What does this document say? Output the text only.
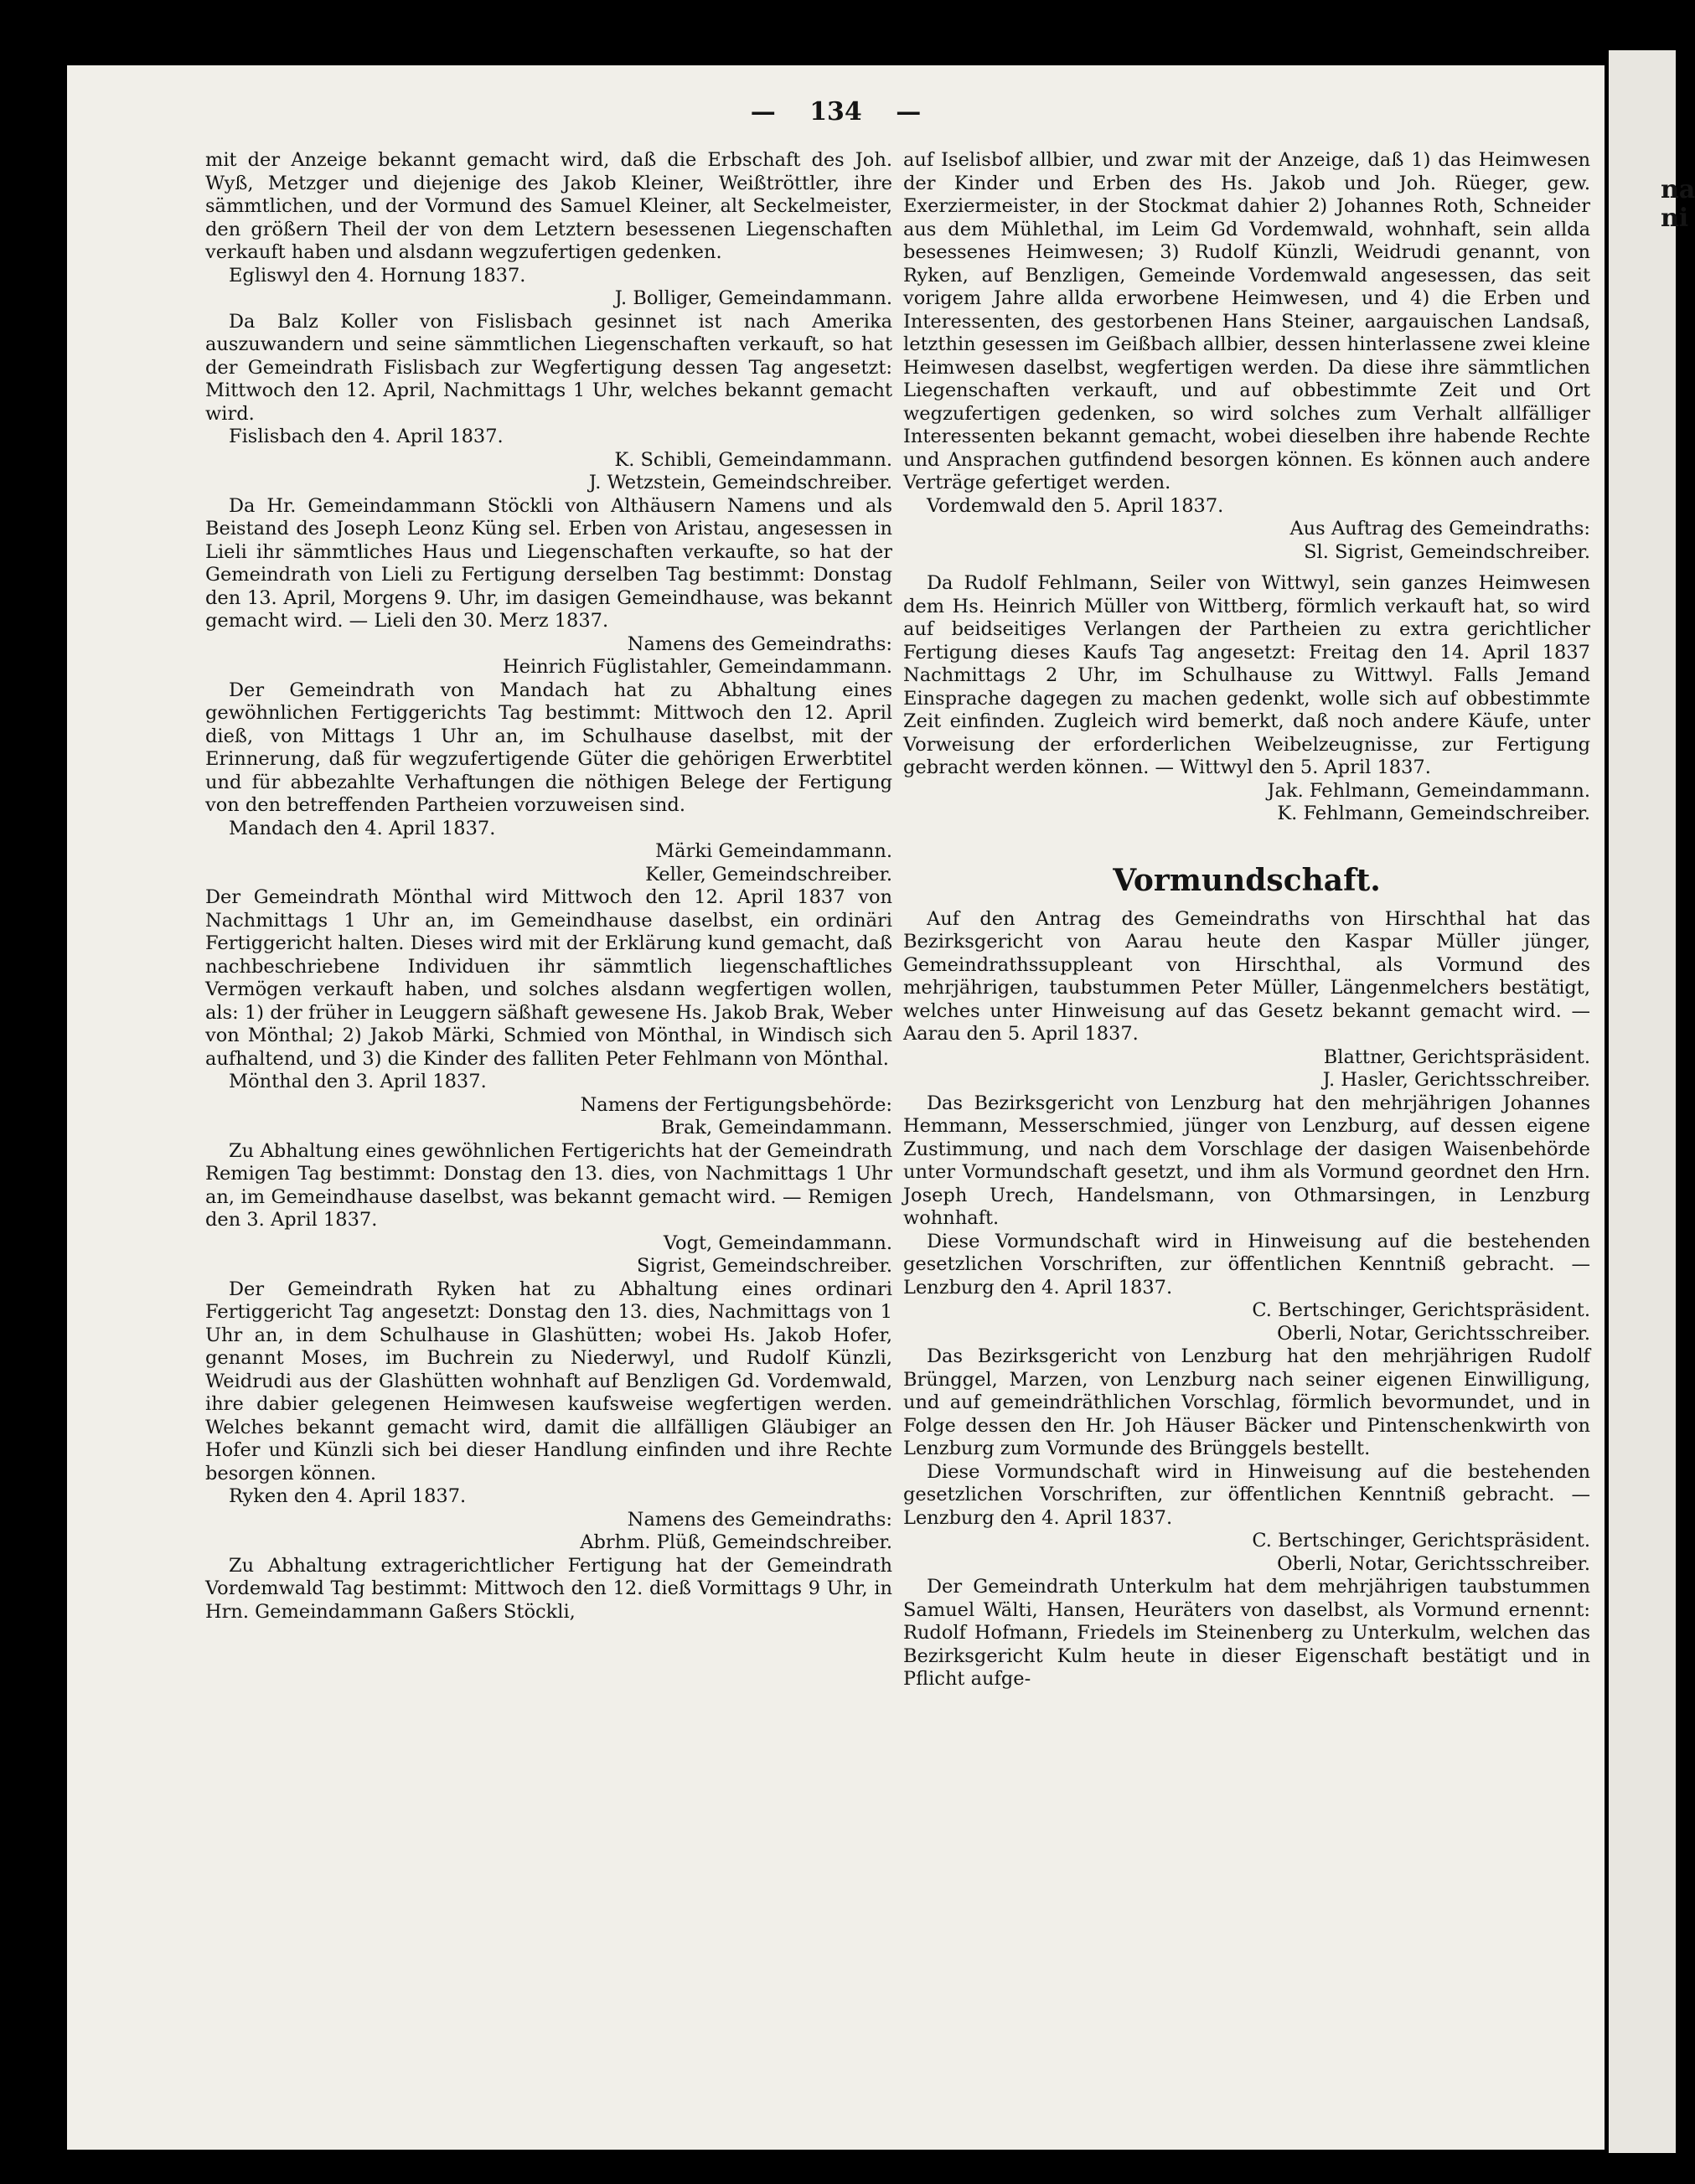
— 134 —

mit der Anzeige bekannt gemacht wird, daß die Erbschaft des Joh. Wyß, Metzger und diejenige des Jakob Kleiner, Weißtröttler, ihre sämmtlichen, und der Vormund des Samuel Kleiner, alt Seckelmeister, den größern Theil der von dem Letztern besessenen Liegenschaften verkauft haben und alsdann wegzufertigen gedenken.

Egliswyl den 4. Hornung 1837.

J. Bolliger, Gemeindammann.

Da Balz Koller von Fislisbach gesinnet ist nach Amerika auszuwandern und seine sämmtlichen Liegenschaften verkauft, so hat der Gemeindrath Fislisbach zur Wegfertigung dessen Tag angesetzt: Mittwoch den 12. April, Nachmittags 1 Uhr, welches bekannt gemacht wird.

Fislisbach den 4. April 1837.

K. Schibli, Gemeindammann.

J. Wetzstein, Gemeindschreiber.

Da Hr. Gemeindammann Stöckli von Althäusern Namens und als Beistand des Joseph Leonz Küng sel. Erben von Aristau, angesessen in Lieli ihr sämmtliches Haus und Liegenschaften verkaufte, so hat der Gemeindrath von Lieli zu Fertigung derselben Tag bestimmt: Donstag den 13. April, Morgens 9. Uhr, im dasigen Gemeindhause, was bekannt gemacht wird. — Lieli den 30. Merz 1837.

Namens des Gemeindraths:

Heinrich Füglistahler, Gemeindammann.

Der Gemeindrath von Mandach hat zu Abhaltung eines gewöhnlichen Fertiggerichts Tag bestimmt: Mittwoch den 12. April dieß, von Mittags 1 Uhr an, im Schulhause daselbst, mit der Erinnerung, daß für wegzufertigende Güter die gehörigen Erwerbtitel und für abbezahlte Verhaftungen die nöthigen Belege der Fertigung von den betreffenden Partheien vorzuweisen sind.

Mandach den 4. April 1837.

Märki Gemeindammann.

Keller, Gemeindschreiber.

Der Gemeindrath Mönthal wird Mittwoch den 12. April 1837 von Nachmittags 1 Uhr an, im Gemeindhause daselbst, ein ordinäri Fertiggericht halten. Dieses wird mit der Erklärung kund gemacht, daß nachbeschriebene Individuen ihr sämmtlich liegenschaftliches Vermögen verkauft haben, und solches alsdann wegfertigen wollen, als: 1) der früher in Leuggern säßhaft gewesene Hs. Jakob Brak, Weber von Mönthal; 2) Jakob Märki, Schmied von Mönthal, in Windisch sich aufhaltend, und 3) die Kinder des falliten Peter Fehlmann von Mönthal.

Mönthal den 3. April 1837.

Namens der Fertigungsbehörde:

Brak, Gemeindammann.

Zu Abhaltung eines gewöhnlichen Fertigerichts hat der Gemeindrath Remigen Tag bestimmt: Donstag den 13. dies, von Nachmittags 1 Uhr an, im Gemeindhause daselbst, was bekannt gemacht wird. — Remigen den 3. April 1837.

Vogt, Gemeindammann.

Sigrist, Gemeindschreiber.

Der Gemeindrath Ryken hat zu Abhaltung eines ordinari Fertiggericht Tag angesetzt: Donstag den 13. dies, Nachmittags von 1 Uhr an, in dem Schulhause in Glashütten; wobei Hs. Jakob Hofer, genannt Moses, im Buchrein zu Niederwyl, und Rudolf Künzli, Weidrudi aus der Glashütten wohnhaft auf Benzligen Gd. Vordemwald, ihre dabier gelegenen Heimwesen kaufsweise wegfertigen werden. Welches bekannt gemacht wird, damit die allfälligen Gläubiger an Hofer und Künzli sich bei dieser Handlung einfinden und ihre Rechte besorgen können.

Ryken den 4. April 1837.

Namens des Gemeindraths:

Abrhm. Plüß, Gemeindschreiber.

Zu Abhaltung extragerichtlicher Fertigung hat der Gemeindrath Vordemwald Tag bestimmt: Mittwoch den 12. dieß Vormittags 9 Uhr, in Hrn. Gemeindammann Gaßers Stöckli,

auf Iselisbof allbier, und zwar mit der Anzeige, daß 1) das Heimwesen der Kinder und Erben des Hs. Jakob und Joh. Rüeger, gew. Exerziermeister, in der Stockmat dahier 2) Johannes Roth, Schneider aus dem Mühlethal, im Leim Gd Vordemwald, wohnhaft, sein allda besessenes Heimwesen; 3) Rudolf Künzli, Weidrudi genannt, von Ryken, auf Benzligen, Gemeinde Vordemwald angesessen, das seit vorigem Jahre allda erworbene Heimwesen, und 4) die Erben und Interessenten, des gestorbenen Hans Steiner, aargauischen Landsaß, letzthin gesessen im Geißbach allbier, dessen hinterlassene zwei kleine Heimwesen daselbst, wegfertigen werden. Da diese ihre sämmtlichen Liegenschaften verkauft, und auf obbestimmte Zeit und Ort wegzufertigen gedenken, so wird solches zum Verhalt allfälliger Interessenten bekannt gemacht, wobei dieselben ihre habende Rechte und Ansprachen gutfindend besorgen können. Es können auch andere Verträge gefertiget werden.

Vordemwald den 5. April 1837.

Aus Auftrag des Gemeindraths:

Sl. Sigrist, Gemeindschreiber.

Da Rudolf Fehlmann, Seiler von Wittwyl, sein ganzes Heimwesen dem Hs. Heinrich Müller von Wittberg, förmlich verkauft hat, so wird auf beidseitiges Verlangen der Partheien zu extra gerichtlicher Fertigung dieses Kaufs Tag angesetzt: Freitag den 14. April 1837 Nachmittags 2 Uhr, im Schulhause zu Wittwyl. Falls Jemand Einsprache dagegen zu machen gedenkt, wolle sich auf obbestimmte Zeit einfinden. Zugleich wird bemerkt, daß noch andere Käufe, unter Vorweisung der erforderlichen Weibelzeugnisse, zur Fertigung gebracht werden können. — Wittwyl den 5. April 1837.

Jak. Fehlmann, Gemeindammann.

K. Fehlmann, Gemeindschreiber.

Vormundschaft.

Auf den Antrag des Gemeindraths von Hirschthal hat das Bezirksgericht von Aarau heute den Kaspar Müller jünger, Gemeindrathssuppleant von Hirschthal, als Vormund des mehrjährigen, taubstummen Peter Müller, Längenmelchers bestätigt, welches unter Hinweisung auf das Gesetz bekannt gemacht wird. — Aarau den 5. April 1837.

Blattner, Gerichtspräsident.

J. Hasler, Gerichtsschreiber.

Das Bezirksgericht von Lenzburg hat den mehrjährigen Johannes Hemmann, Messerschmied, jünger von Lenzburg, auf dessen eigene Zustimmung, und nach dem Vorschlage der dasigen Waisenbehörde unter Vormundschaft gesetzt, und ihm als Vormund geordnet den Hrn. Joseph Urech, Handelsmann, von Othmarsingen, in Lenzburg wohnhaft.

Diese Vormundschaft wird in Hinweisung auf die bestehenden gesetzlichen Vorschriften, zur öffentlichen Kenntniß gebracht. — Lenzburg den 4. April 1837.

C. Bertschinger, Gerichtspräsident.

Oberli, Notar, Gerichtsschreiber.

Das Bezirksgericht von Lenzburg hat den mehrjährigen Rudolf Brünggel, Marzen, von Lenzburg nach seiner eigenen Einwilligung, und auf gemeindräthlichen Vorschlag, förmlich bevormundet, und in Folge dessen den Hr. Joh Häuser Bäcker und Pintenschenkwirth von Lenzburg zum Vormunde des Brünggels bestellt.

Diese Vormundschaft wird in Hinweisung auf die bestehenden gesetzlichen Vorschriften, zur öffentlichen Kenntniß gebracht. — Lenzburg den 4. April 1837.

C. Bertschinger, Gerichtspräsident.

Oberli, Notar, Gerichtsschreiber.

Der Gemeindrath Unterkulm hat dem mehrjährigen taubstummen Samuel Wälti, Hansen, Heuräters von daselbst, als Vormund ernennt: Rudolf Hofmann, Friedels im Steinenberg zu Unterkulm, welchen das Bezirksgericht Kulm heute in dieser Eigenschaft bestätigt und in Pflicht aufge-

na
ni
